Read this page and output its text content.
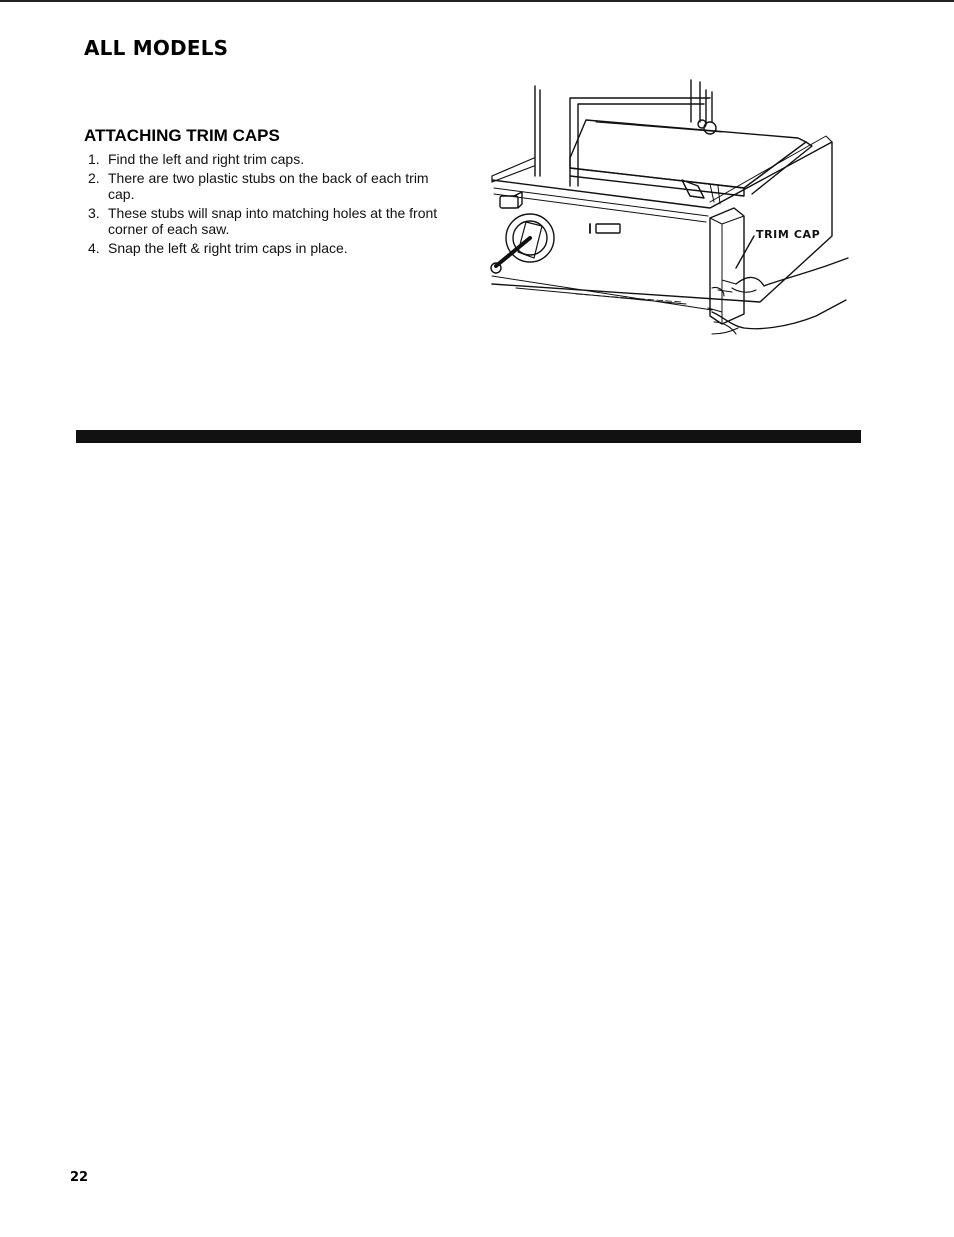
ALL MODELS
ATTACHING TRIM CAPS
1. Find the left and right trim caps.
2. There are two plastic stubs on the back of each trim cap.
3. These stubs will snap into matching holes at the front corner of each saw.
4. Snap the left & right trim caps in place.
TRIM CAP
22
